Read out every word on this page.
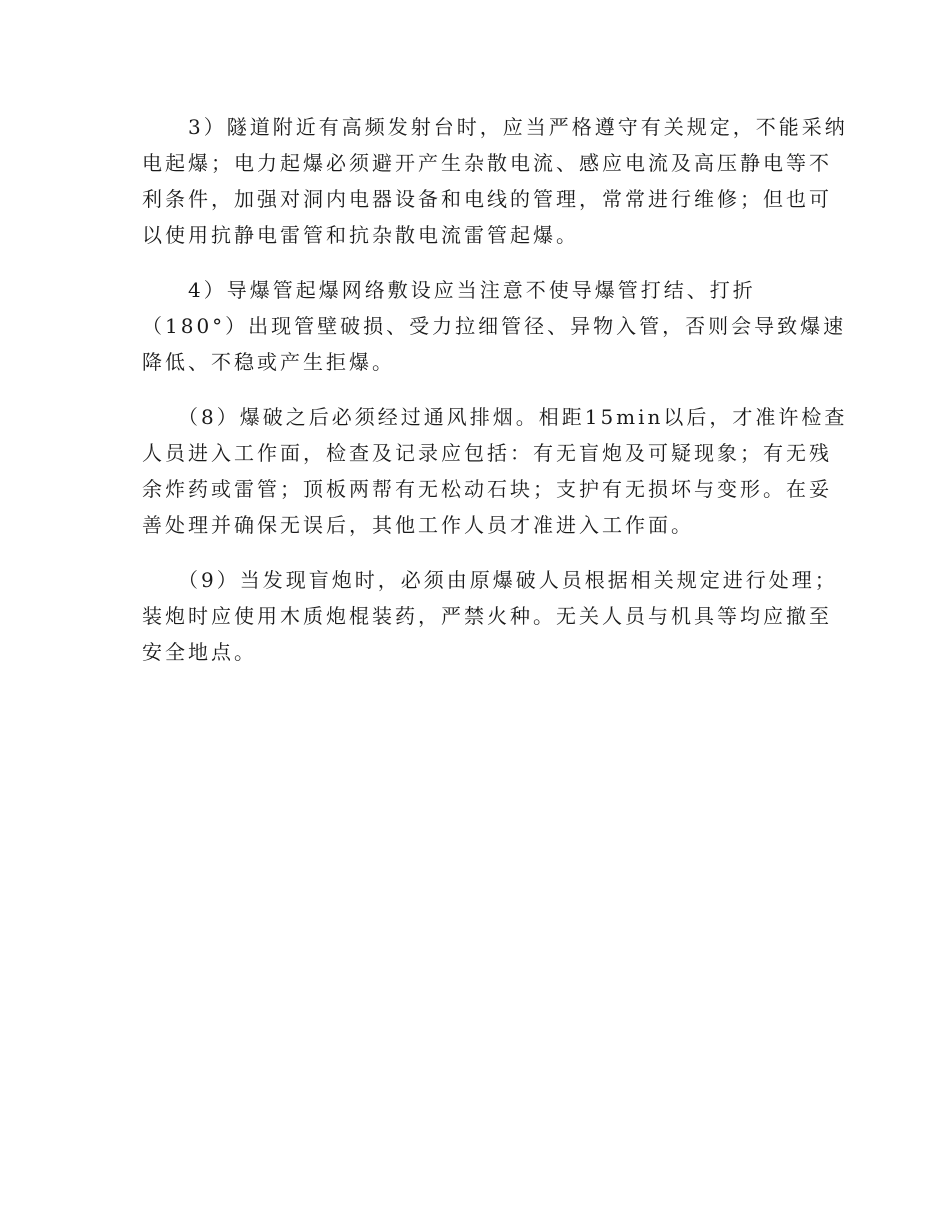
　　3）隧道附近有高频发射台时，应当严格遵守有关规定，不能采纳
电起爆；电力起爆必须避开产生杂散电流、感应电流及高压静电等不
利条件，加强对洞内电器设备和电线的管理，常常进行维修；但也可
以使用抗静电雷管和抗杂散电流雷管起爆。
　　4）导爆管起爆网络敷设应当注意不使导爆管打结、打折
（180°）出现管壁破损、受力拉细管径、异物入管，否则会导致爆速
降低、不稳或产生拒爆。
　　（8）爆破之后必须经过通风排烟。相距15min以后，才准许检查
人员进入工作面，检查及记录应包括：有无盲炮及可疑现象；有无残
余炸药或雷管；顶板两帮有无松动石块；支护有无损坏与变形。在妥
善处理并确保无误后，其他工作人员才准进入工作面。
　　（9）当发现盲炮时，必须由原爆破人员根据相关规定进行处理；
装炮时应使用木质炮棍装药，严禁火种。无关人员与机具等均应撤至
安全地点。
